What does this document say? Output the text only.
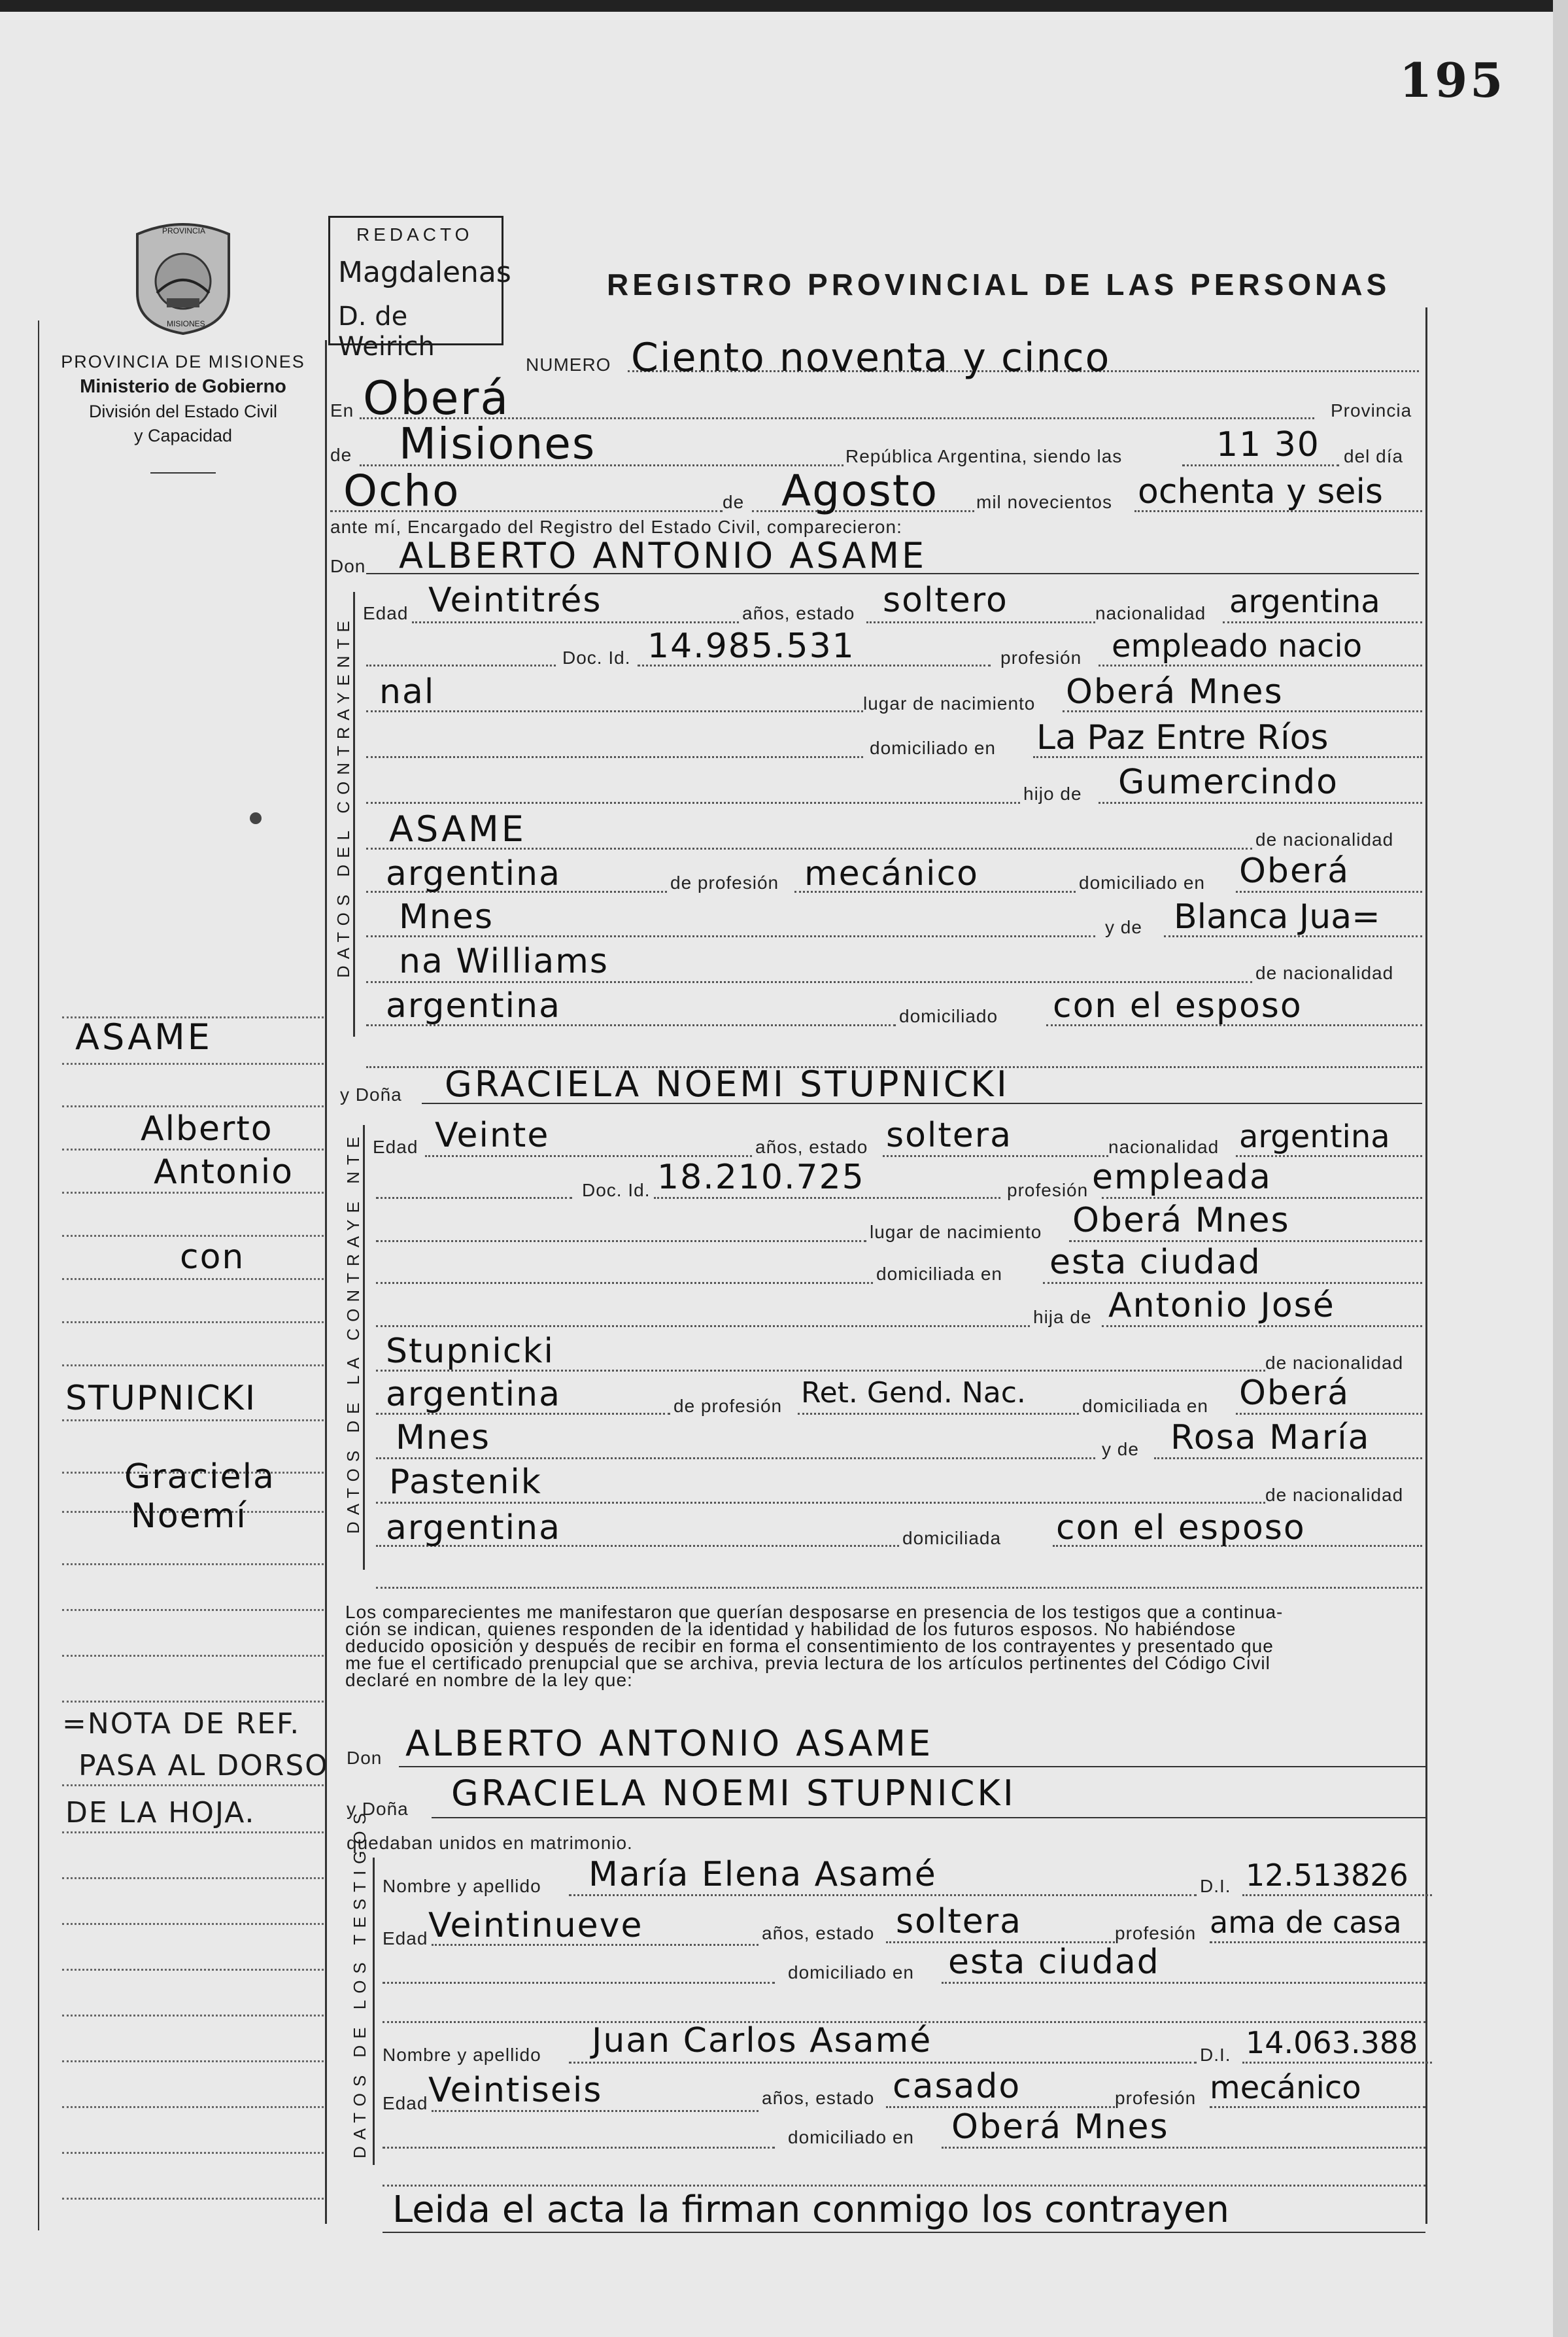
195
PROVINCIA
MISIONES
PROVINCIA DE MISIONES
Ministerio de Gobierno
División del Estado Civil
y Capacidad
REDACTO
Magdalenas
D. de Weirich
REGISTRO PROVINCIAL DE LAS PERSONAS
NUMERO Ciento noventa y cinco
En Oberá	Provincia
de Misiones	República Argentina, siendo las	11 30 del día
Ocho	de Agosto mil novecientos ochenta y seis
ante mí, Encargado del Registro del Estado Civil, comparecieron:
Don ALBERTO ANTONIO ASAME
DATOS DEL CONTRAYENTE
Edad Veintitrés	años, estado soltero	nacionalidad argentina
Doc. Id. 14.985.531	profesión empleado nacio
nal	lugar de nacimiento Oberá Mnes
domiciliado en La Paz Entre Ríos
hijo de Gumercindo
ASAME	de nacionalidad
argentina	de profesión mecánico	domiciliado en Oberá
Mnes	y de Blanca Jua=
na Williams	de nacionalidad
argentina	domiciliado con el esposo
y Doña GRACIELA NOEMI STUPNICKI
DATOS DE LA CONTRAYE NTE Edad Veinte	años, estado soltera	nacionalidad argentina
Doc. Id. 18.210.725	profesión empleada
lugar de nacimiento Oberá Mnes
domiciliada en esta ciudad
hija de Antonio José
Stupnicki	de nacionalidad
argentina	de profesión Ret. Gend. Nac.	domiciliada en Oberá
Mnes	y de Rosa María
Pastenik	de nacionalidad
argentina	domiciliada con el esposo
Los comparecientes me manifestaron que querían desposarse en presencia de los testigos que a continua-
ción se indican, quienes responden de la identidad y habilidad de los futuros esposos. No habiéndose
deducido oposición y después de recibir en forma el consentimiento de los contrayentes y presentado que
me fue el certificado prenupcial que se archiva, previa lectura de los artículos pertinentes del Código Civil
declaré en nombre de la ley que:
Don ALBERTO ANTONIO ASAME
y Doña GRACIELA NOEMI STUPNICKI
quedaban unidos en matrimonio.
DATOS DE LOS TESTIGOS Nombre y apellido María Elena Asamé	D.I. 12.513826
Edad Veintinueve	años, estado soltera	profesión ama de casa
domiciliado en esta ciudad
Nombre y apellido Juan Carlos Asamé	D.I. 14.063.388
Edad Veintiseis	años, estado casado	profesión mecánico
domiciliado en Oberá Mnes
Leida el acta la firman conmigo los contrayen
ASAME
Alberto
Antonio
con
STUPNICKI
Graciela
Noemí
=NOTA DE REF.
PASA AL DORSO
DE LA HOJA.
